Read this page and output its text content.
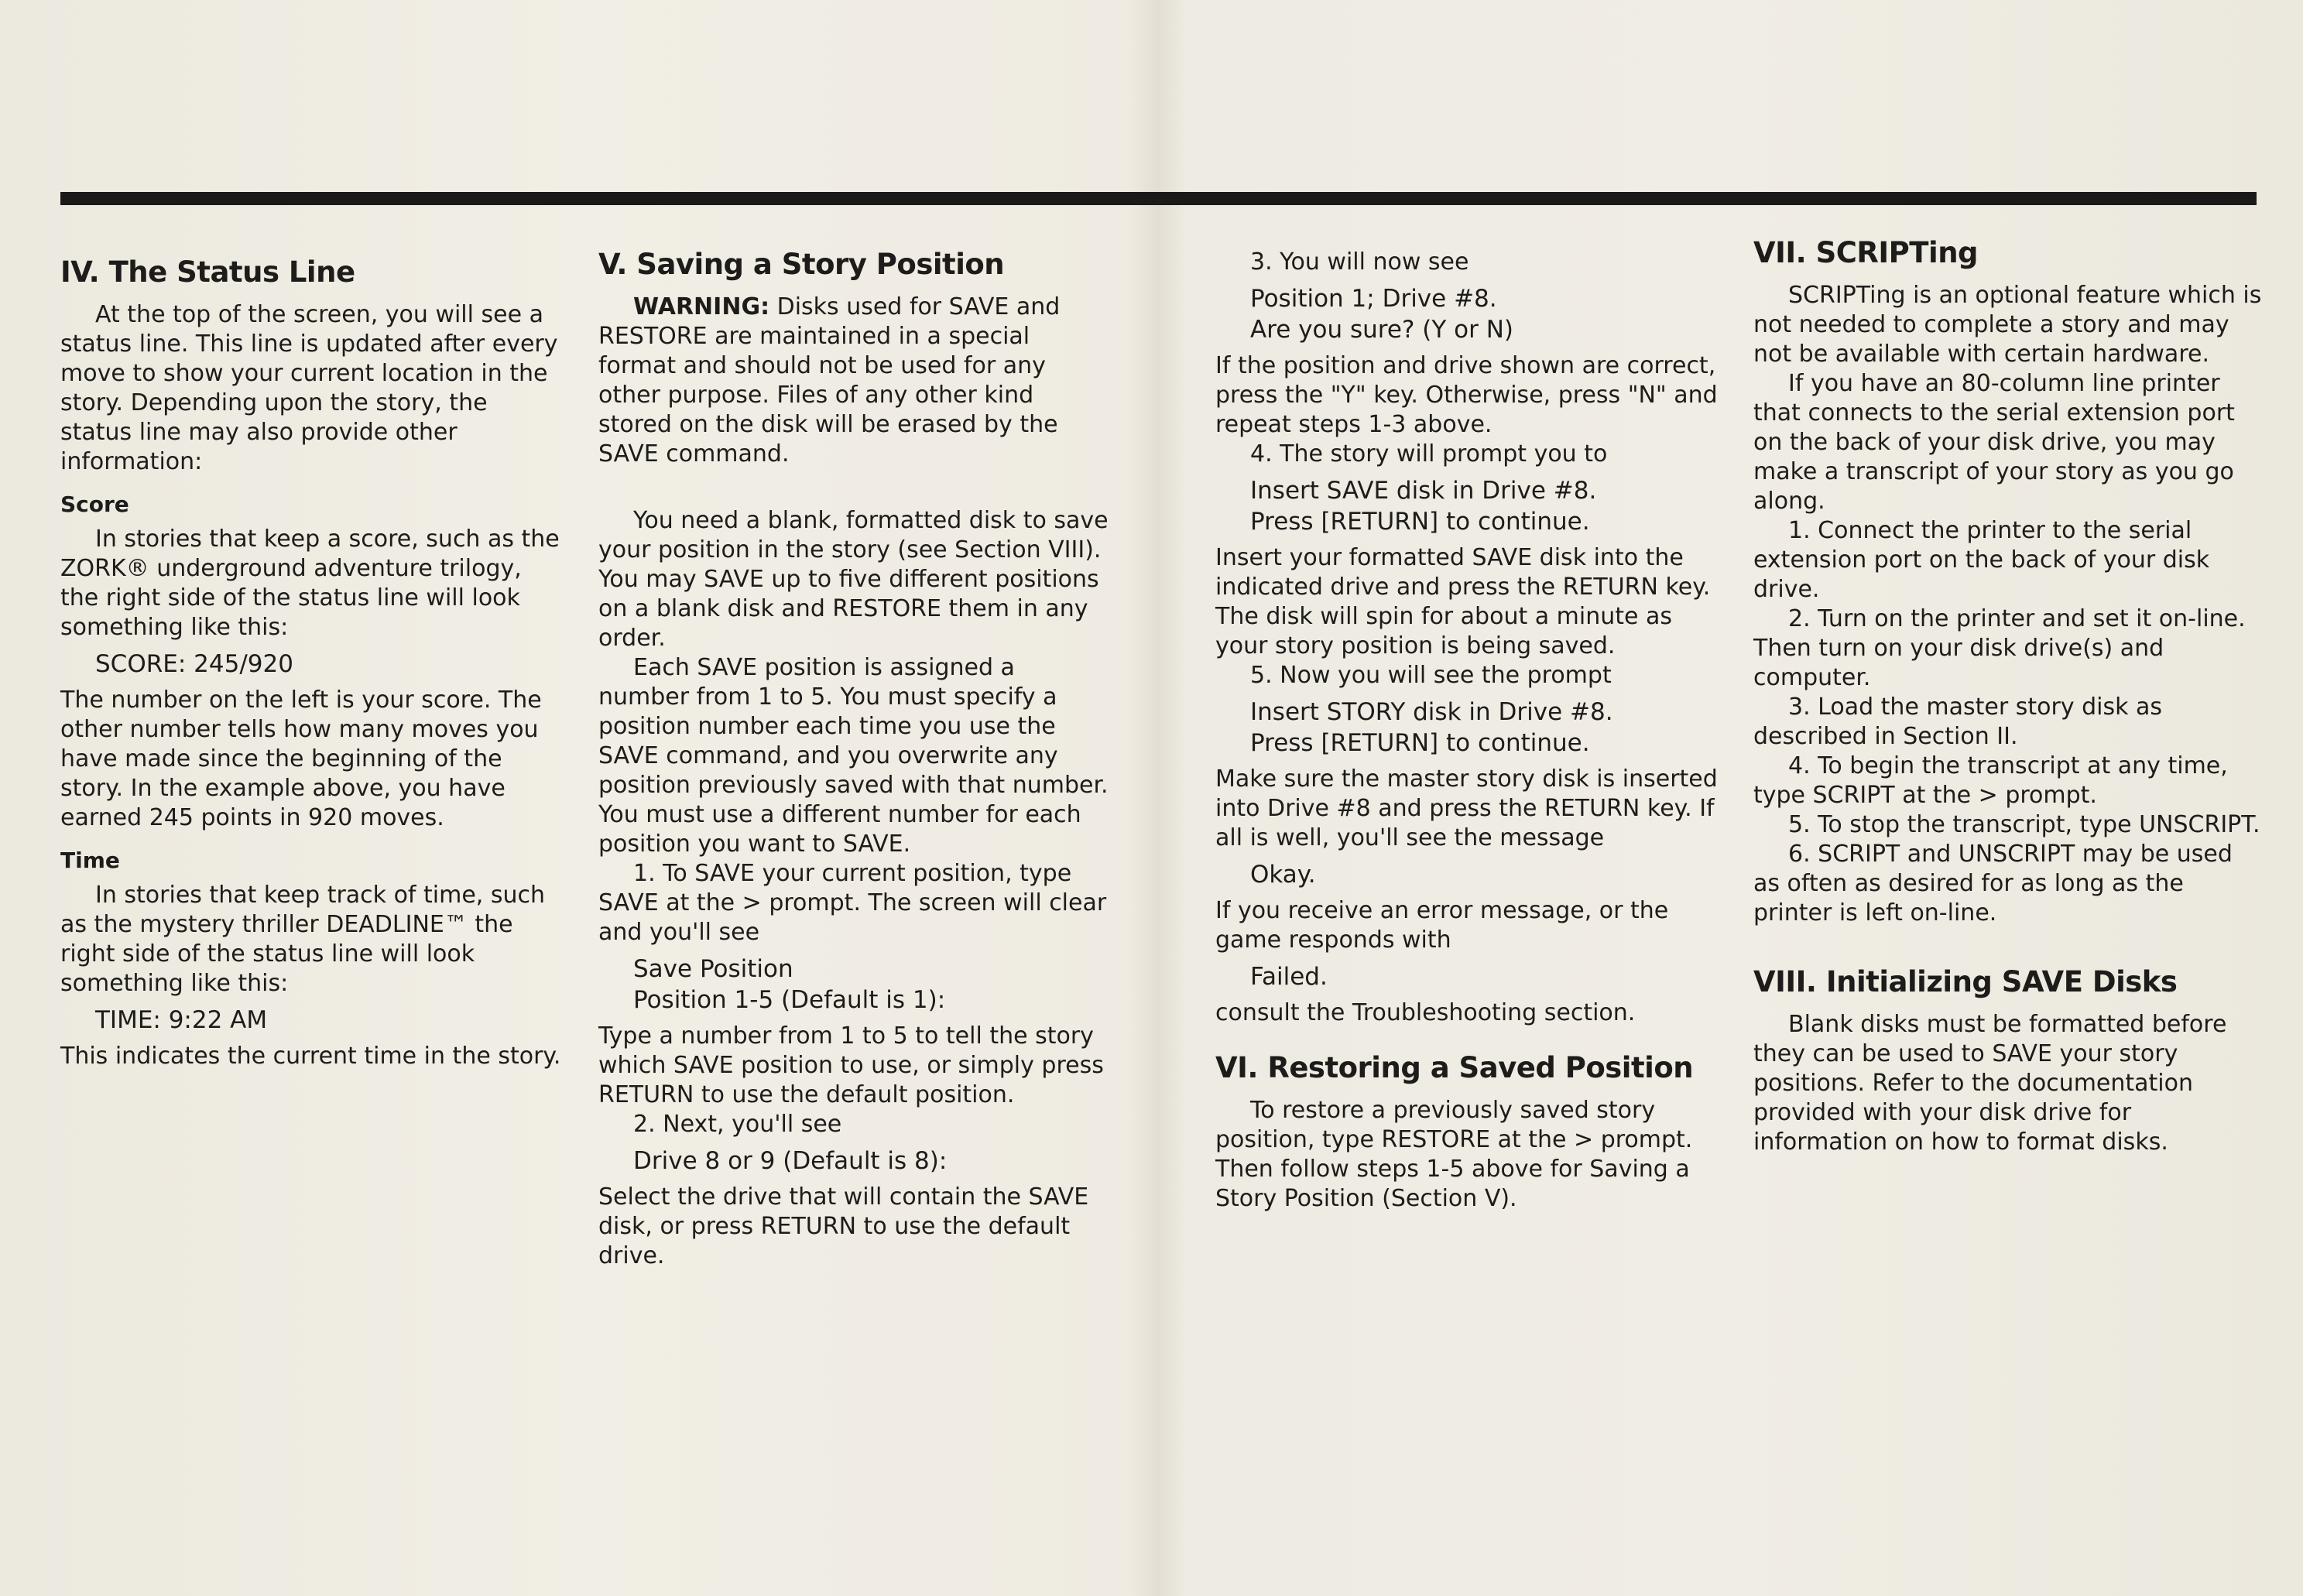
IV. The Status Line

At the top of the screen, you will see a status line. This line is updated after every move to show your current location in the story. Depending upon the story, the status line may also provide other information:

Score

In stories that keep a score, such as the ZORK® underground adventure trilogy, the right side of the status line will look something like this:

SCORE: 245/920

The number on the left is your score. The other number tells how many moves you have made since the beginning of the story. In the example above, you have earned 245 points in 920 moves.

Time

In stories that keep track of time, such as the mystery thriller DEADLINE™ the right side of the status line will look something like this:

TIME: 9:22 AM

This indicates the current time in the story.

V. Saving a Story Position

WARNING: Disks used for SAVE and RESTORE are maintained in a special format and should not be used for any other purpose. Files of any other kind stored on the disk will be erased by the SAVE command.

You need a blank, formatted disk to save your position in the story (see Section VIII). You may SAVE up to five different positions on a blank disk and RESTORE them in any order.

Each SAVE position is assigned a number from 1 to 5. You must specify a position number each time you use the SAVE command, and you overwrite any position previously saved with that number. You must use a different number for each position you want to SAVE.

1. To SAVE your current position, type SAVE at the > prompt. The screen will clear and you'll see

Save Position
Position 1-5 (Default is 1):

Type a number from 1 to 5 to tell the story which SAVE position to use, or simply press RETURN to use the default position.

2. Next, you'll see

Drive 8 or 9 (Default is 8):

Select the drive that will contain the SAVE disk, or press RETURN to use the default drive.

3. You will now see

Position 1; Drive #8.
Are you sure? (Y or N)

If the position and drive shown are correct, press the "Y" key. Otherwise, press "N" and repeat steps 1-3 above.

4. The story will prompt you to

Insert SAVE disk in Drive #8.
Press [RETURN] to continue.

Insert your formatted SAVE disk into the indicated drive and press the RETURN key. The disk will spin for about a minute as your story position is being saved.

5. Now you will see the prompt

Insert STORY disk in Drive #8.
Press [RETURN] to continue.

Make sure the master story disk is inserted into Drive #8 and press the RETURN key. If all is well, you'll see the message

Okay.

If you receive an error message, or the game responds with

Failed.

consult the Troubleshooting section.

VI. Restoring a Saved Position

To restore a previously saved story position, type RESTORE at the > prompt. Then follow steps 1-5 above for Saving a Story Position (Section V).

VII. SCRIPTing

SCRIPTing is an optional feature which is not needed to complete a story and may not be available with certain hardware.

If you have an 80-column line printer that connects to the serial extension port on the back of your disk drive, you may make a transcript of your story as you go along.

1. Connect the printer to the serial extension port on the back of your disk drive.

2. Turn on the printer and set it on-line. Then turn on your disk drive(s) and computer.

3. Load the master story disk as described in Section II.

4. To begin the transcript at any time, type SCRIPT at the > prompt.

5. To stop the transcript, type UNSCRIPT.

6. SCRIPT and UNSCRIPT may be used as often as desired for as long as the printer is left on-line.

VIII. Initializing SAVE Disks

Blank disks must be formatted before they can be used to SAVE your story positions. Refer to the documentation provided with your disk drive for information on how to format disks.
